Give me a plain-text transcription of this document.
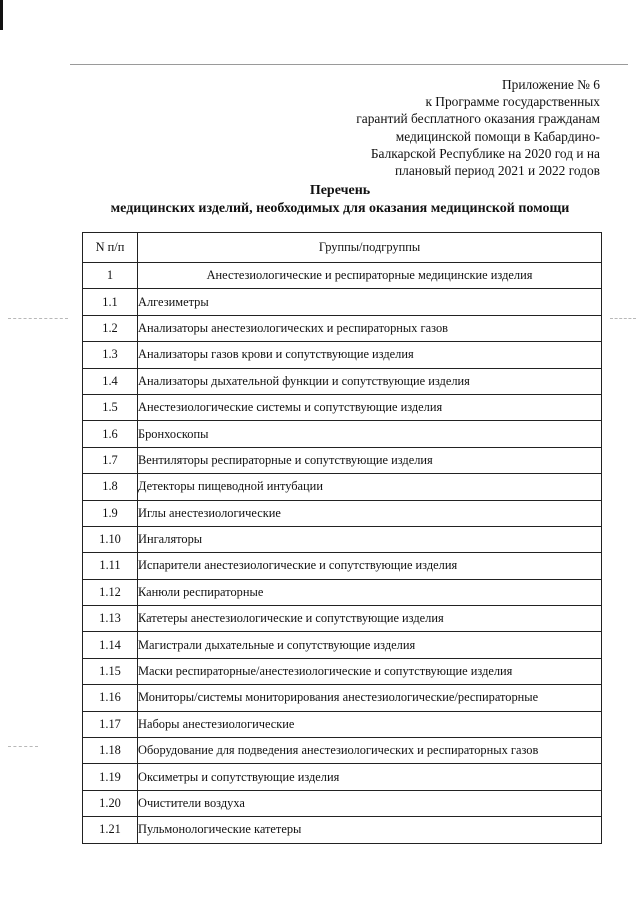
Приложение № 6
к Программе государственных
гарантий бесплатного оказания гражданам
медицинской помощи в Кабардино-
Балкарской Республике на 2020 год и на
плановый период 2021 и 2022 годов
Перечень
медицинских изделий, необходимых для оказания медицинской помощи
N п/п	Группы/подгруппы
1	Анестезиологические и респираторные медицинские изделия
1.1	Алгезиметры
1.2	Анализаторы анестезиологических и респираторных газов
1.3	Анализаторы газов крови и сопутствующие изделия
1.4	Анализаторы дыхательной функции и сопутствующие изделия
1.5	Анестезиологические системы и сопутствующие изделия
1.6	Бронхоскопы
1.7	Вентиляторы респираторные и сопутствующие изделия
1.8	Детекторы пищеводной интубации
1.9	Иглы анестезиологические
1.10	Ингаляторы
1.11	Испарители анестезиологические и сопутствующие изделия
1.12	Канюли респираторные
1.13	Катетеры анестезиологические и сопутствующие изделия
1.14	Магистрали дыхательные и сопутствующие изделия
1.15	Маски респираторные/анестезиологические и сопутствующие изделия
1.16	Мониторы/системы мониторирования анестезиологические/респираторные
1.17	Наборы анестезиологические
1.18	Оборудование для подведения анестезиологических и респираторных газов
1.19	Оксиметры и сопутствующие изделия
1.20	Очистители воздуха
1.21	Пульмонологические катетеры
